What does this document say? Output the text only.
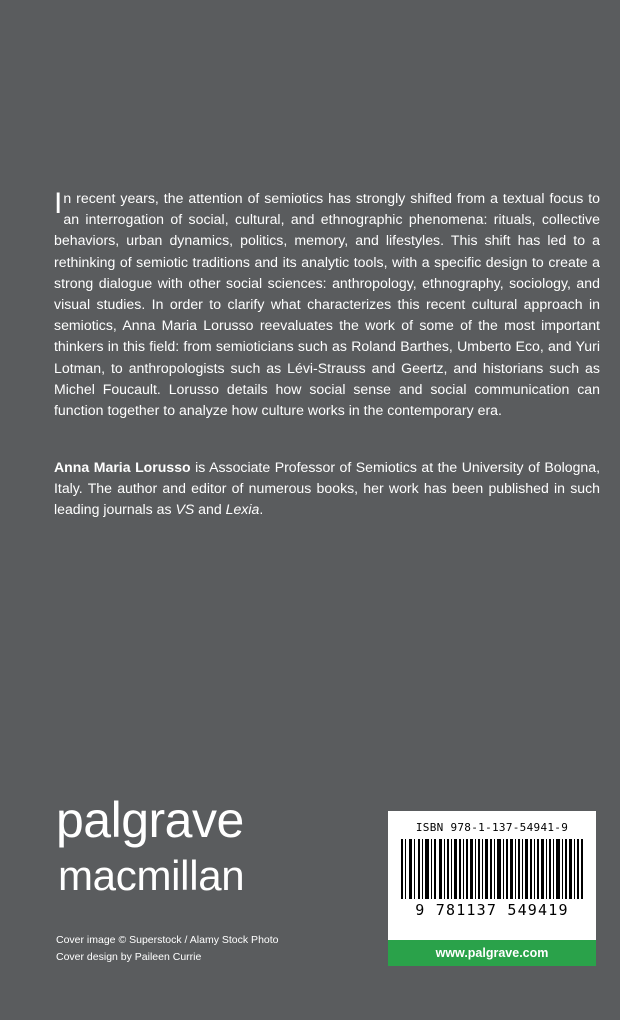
In recent years, the attention of semiotics has strongly shifted from a textual focus to an interrogation of social, cultural, and ethnographic phenomena: rituals, collective behaviors, urban dynamics, politics, memory, and lifestyles. This shift has led to a rethinking of semiotic traditions and its analytic tools, with a specific design to create a strong dialogue with other social sciences: anthropology, ethnography, sociology, and visual studies. In order to clarify what characterizes this recent cultural approach in semiotics, Anna Maria Lorusso reevaluates the work of some of the most important thinkers in this field: from semioticians such as Roland Barthes, Umberto Eco, and Yuri Lotman, to anthropologists such as Lévi-Strauss and Geertz, and historians such as Michel Foucault. Lorusso details how social sense and social communication can function together to analyze how culture works in the contemporary era.

Anna Maria Lorusso is Associate Professor of Semiotics at the University of Bologna, Italy. The author and editor of numerous books, her work has been published in such leading journals as VS and Lexia.

palgrave
macmillan
Cover image © Superstock / Alamy Stock Photo
Cover design by Paileen Currie
ISBN 978-1-137-54941-9
9 781137 549419
www.palgrave.com
